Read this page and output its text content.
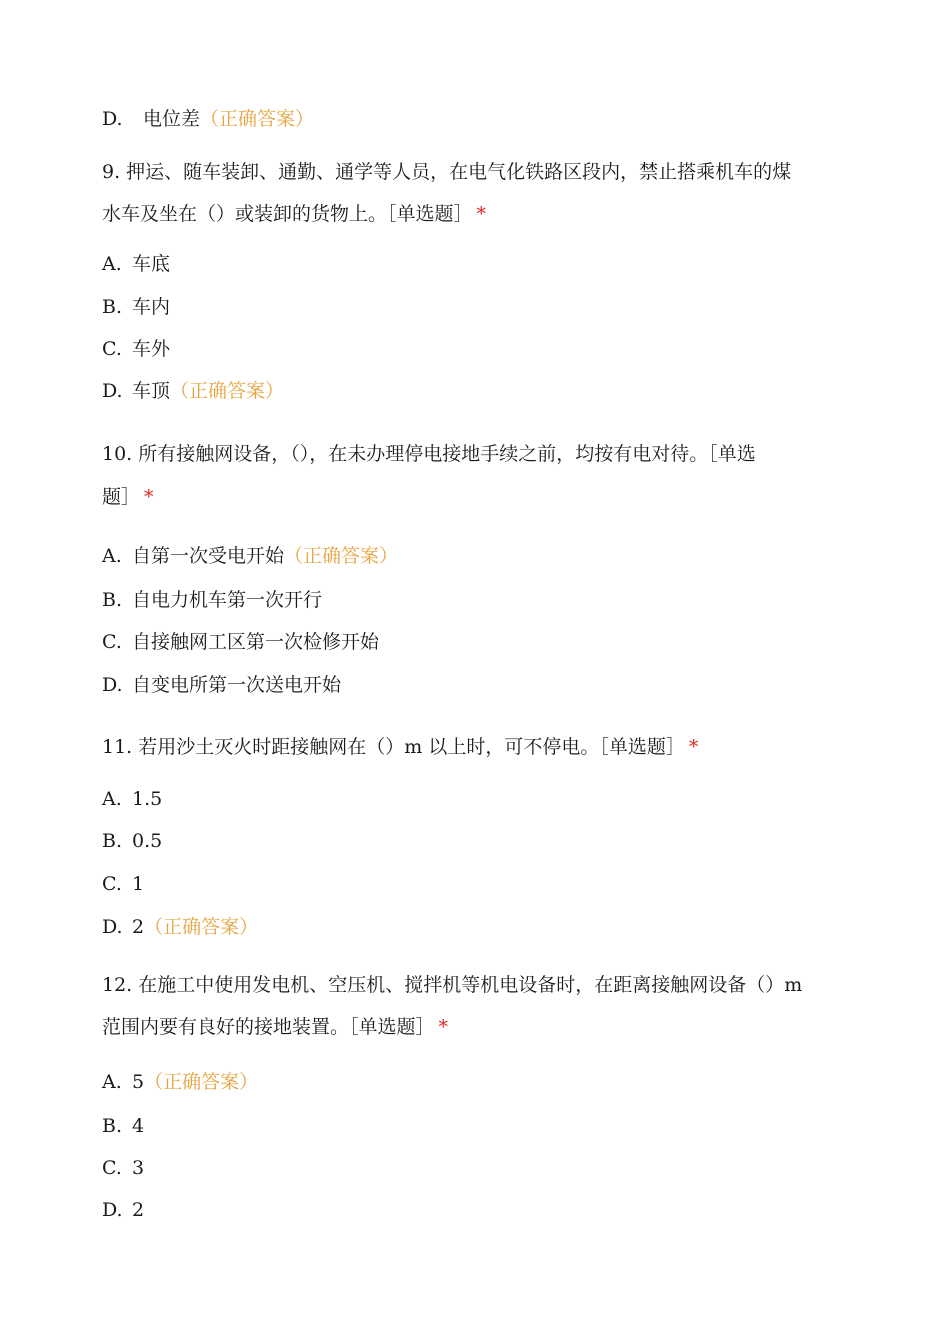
D. 电位差（正确答案）
9. 押运、随车装卸、通勤、通学等人员，在电气化铁路区段内，禁止搭乘机车的煤
水车及坐在（）或装卸的货物上。［单选题］ *
A. 车底
B. 车内
C. 车外
D. 车顶（正确答案）
10. 所有接触网设备，（），在未办理停电接地手续之前，均按有电对待。［单选
题］ *
A. 自第一次受电开始（正确答案）
B. 自电力机车第一次开行
C. 自接触网工区第一次检修开始
D. 自变电所第一次送电开始
11. 若用沙土灭火时距接触网在（）m 以上时，可不停电。［单选题］ *
A. 1.5
B. 0.5
C. 1
D. 2（正确答案）
12. 在施工中使用发电机、空压机、搅拌机等机电设备时，在距离接触网设备（）m
范围内要有良好的接地装置。［单选题］ *
A. 5（正确答案）
B. 4
C. 3
D. 2
